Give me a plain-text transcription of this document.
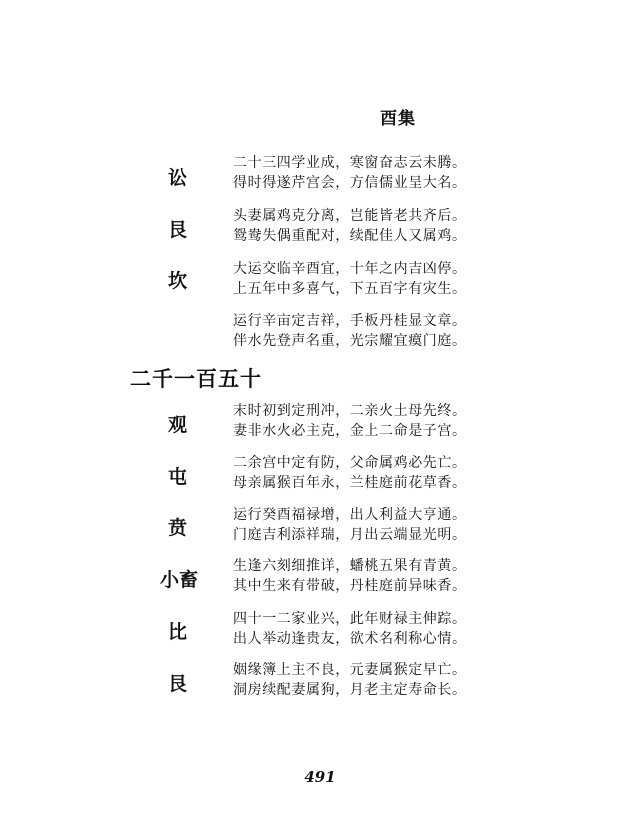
酉集
讼
二十三四学业成，寒窗奋志云未腾。
得时得遂芹宫会，方信儒业呈大名。
艮
头妻属鸡克分离，岂能皆老共齐后。
鸳鸯失偶重配对，续配佳人又属鸡。
坎
大运交临辛酉宜，十年之内吉凶停。
上五年中多喜气，下五百字有灾生。
运行辛亩定吉祥，手板丹桂显文章。
伴水先登声名重，光宗耀宜瘼门庭。
二千一百五十
观
末时初到定刑冲，二亲火土母先终。
妻非水火必主克，金上二命是子宫。
屯
二余宫中定有防，父命属鸡必先亡。
母亲属猴百年永，兰桂庭前花草香。
贲
运行癸酉福禄增，出人利益大亨通。
门庭吉利添祥瑞，月出云端显光明。
小畜
生逢六刻细推详，蟠桃五果有青黄。
其中生来有带破，丹桂庭前异味香。
比
四十一二家业兴，此年财禄主伸踪。
出人举动逢贵友，欲术名利称心情。
艮
姻缘簿上主不良，元妻属猴定早亡。
洞房续配妻属狗，月老主定寿命长。
491
